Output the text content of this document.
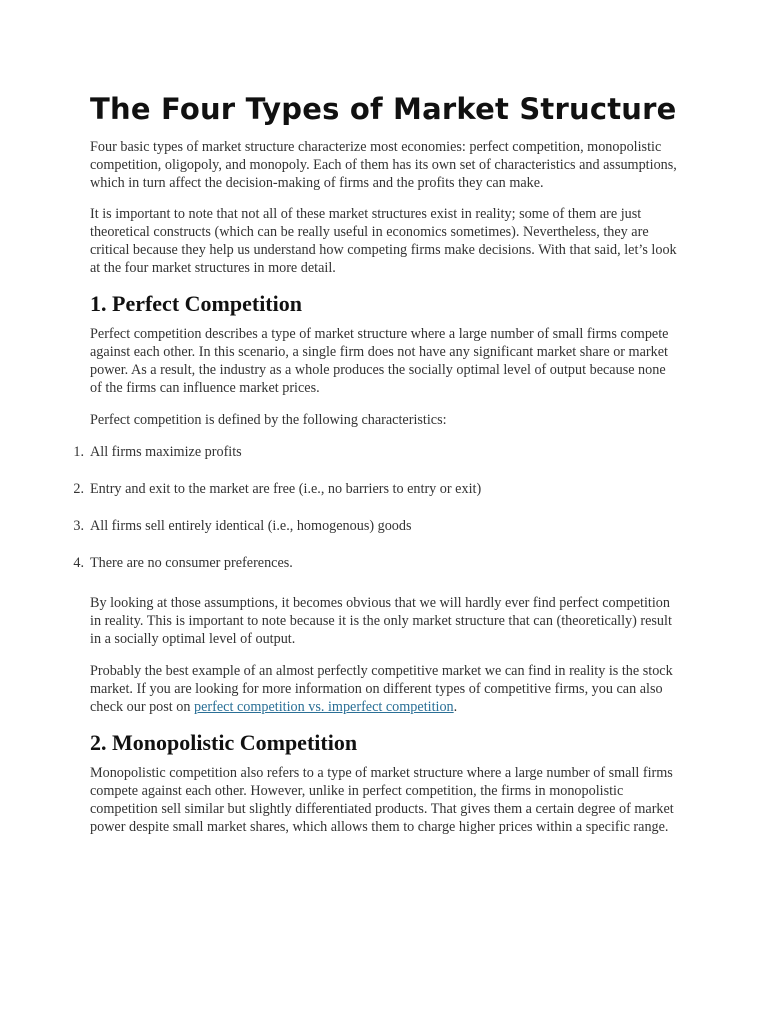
The Four Types of Market Structure

Four basic types of market structure characterize most economies: perfect competition, monopolistic competition, oligopoly, and monopoly. Each of them has its own set of characteristics and assumptions, which in turn affect the decision-making of firms and the profits they can make.

It is important to note that not all of these market structures exist in reality; some of them are just theoretical constructs (which can be really useful in economics sometimes). Nevertheless, they are critical because they help us understand how competing firms make decisions. With that said, let’s look at the four market structures in more detail.

1. Perfect Competition

Perfect competition describes a type of market structure where a large number of small firms compete against each other. In this scenario, a single firm does not have any significant market share or market power. As a result, the industry as a whole produces the socially optimal level of output because none of the firms can influence market prices.

Perfect competition is defined by the following characteristics:

1. All firms maximize profits
2. Entry and exit to the market are free (i.e., no barriers to entry or exit)
3. All firms sell entirely identical (i.e., homogenous) goods
4. There are no consumer preferences.

By looking at those assumptions, it becomes obvious that we will hardly ever find perfect competition in reality. This is important to note because it is the only market structure that can (theoretically) result in a socially optimal level of output.

Probably the best example of an almost perfectly competitive market we can find in reality is the stock market. If you are looking for more information on different types of competitive firms, you can also check our post on perfect competition vs. imperfect competition.

2. Monopolistic Competition

Monopolistic competition also refers to a type of market structure where a large number of small firms compete against each other. However, unlike in perfect competition, the firms in monopolistic competition sell similar but slightly differentiated products. That gives them a certain degree of market power despite small market shares, which allows them to charge higher prices within a specific range.
